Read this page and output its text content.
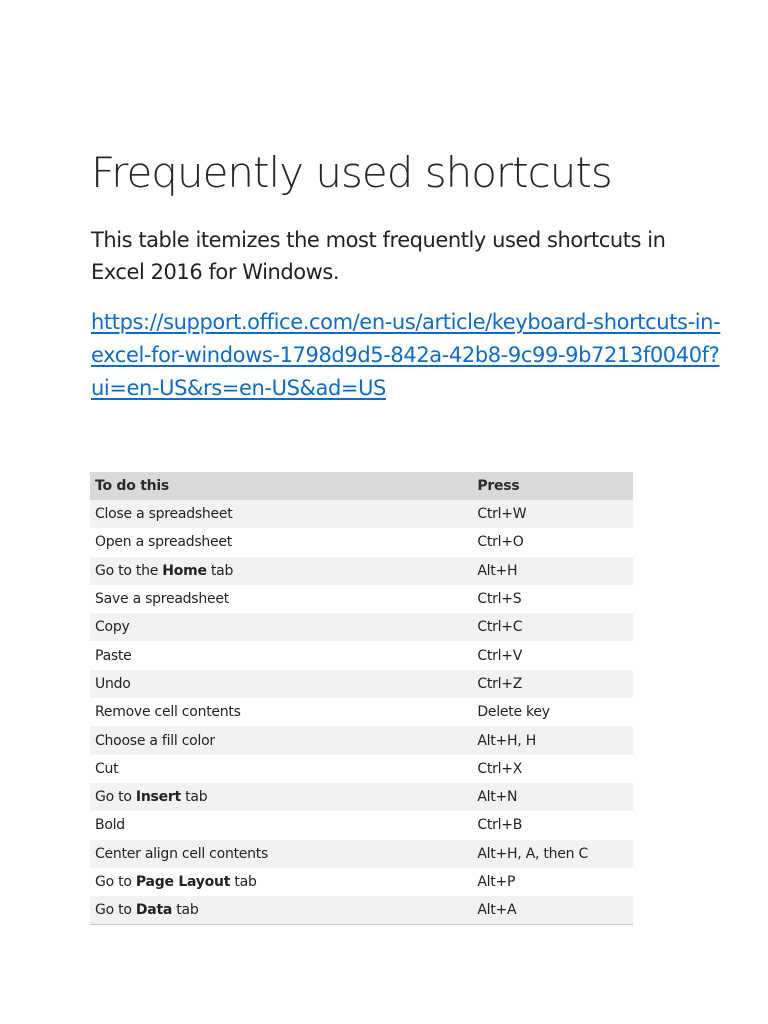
Frequently used shortcuts

This table itemizes the most frequently used shortcuts in Excel 2016 for Windows.

https://support.office.com/en-us/article/keyboard-shortcuts-in-excel-for-windows-1798d9d5-842a-42b8-9c99-9b7213f0040f?ui=en-US&rs=en-US&ad=US
To do this	Press
Close a spreadsheet	Ctrl+W
Open a spreadsheet	Ctrl+O
Go to the Home tab	Alt+H
Save a spreadsheet	Ctrl+S
Copy	Ctrl+C
Paste	Ctrl+V
Undo	Ctrl+Z
Remove cell contents	Delete key
Choose a fill color	Alt+H, H
Cut	Ctrl+X
Go to Insert tab	Alt+N
Bold	Ctrl+B
Center align cell contents	Alt+H, A, then C
Go to Page Layout tab	Alt+P
Go to Data tab	Alt+A
